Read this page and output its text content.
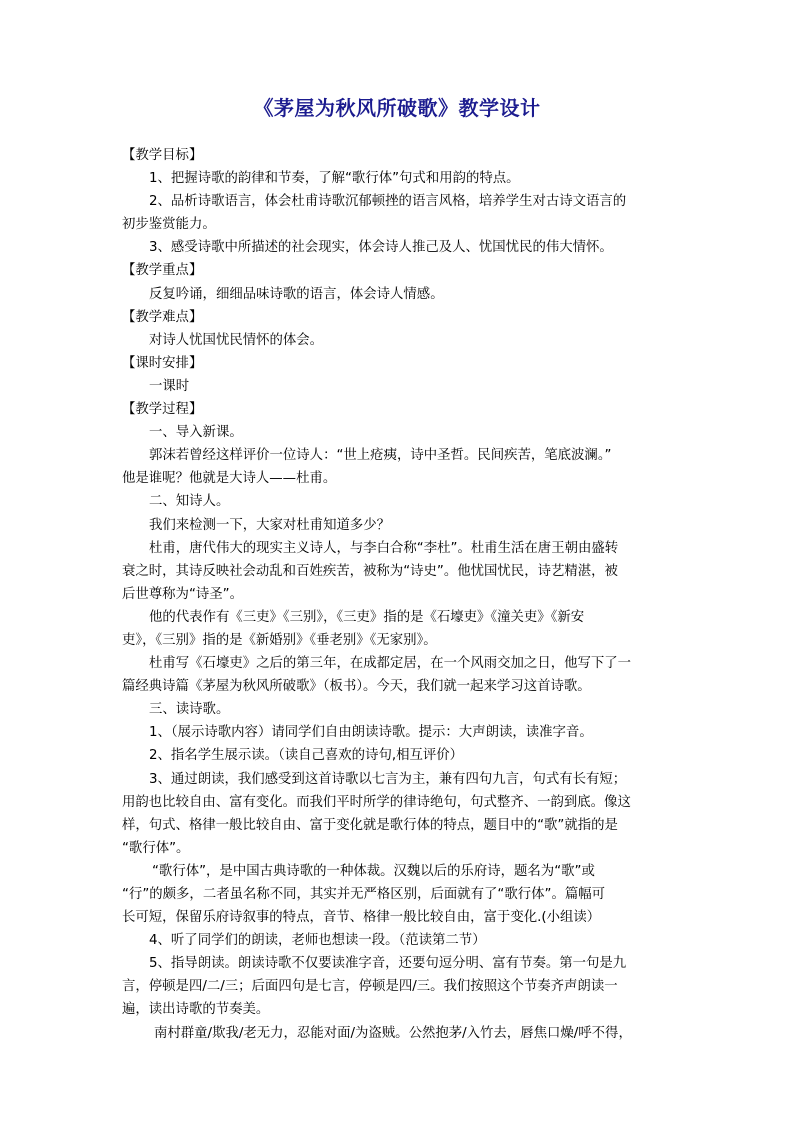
《茅屋为秋风所破歌》教学设计

【教学目标】

1、把握诗歌的韵律和节奏，了解“歌行体”句式和用韵的特点。

2、品析诗歌语言，体会杜甫诗歌沉郁顿挫的语言风格，培养学生对古诗文语言的

初步鉴赏能力。

3、感受诗歌中所描述的社会现实，体会诗人推己及人、忧国忧民的伟大情怀。

【教学重点】

反复吟诵，细细品味诗歌的语言，体会诗人情感。

【教学难点】

对诗人忧国忧民情怀的体会。

【课时安排】

一课时

【教学过程】

一、导入新课。

郭沫若曾经这样评价一位诗人：“世上疮痍，诗中圣哲。民间疾苦，笔底波澜。”

他是谁呢？他就是大诗人——杜甫。

二、知诗人。

我们来检测一下，大家对杜甫知道多少？

杜甫，唐代伟大的现实主义诗人，与李白合称“李杜”。杜甫生活在唐王朝由盛转

衰之时，其诗反映社会动乱和百姓疾苦，被称为“诗史”。他忧国忧民，诗艺精湛，被

后世尊称为“诗圣”。

他的代表作有《三吏》《三别》，《三吏》指的是《石壕吏》《潼关吏》《新安

吏》，《三别》指的是《新婚别》《垂老别》《无家别》。

杜甫写《石壕吏》之后的第三年，在成都定居，在一个风雨交加之日，他写下了一

篇经典诗篇《茅屋为秋风所破歌》（板书）。今天，我们就一起来学习这首诗歌。

三、读诗歌。

1、（展示诗歌内容）请同学们自由朗读诗歌。提示：大声朗读，读准字音。

2、指名学生展示读。（读自己喜欢的诗句,相互评价）

3、通过朗读，我们感受到这首诗歌以七言为主，兼有四句九言，句式有长有短；

用韵也比较自由、富有变化。而我们平时所学的律诗绝句，句式整齐、一韵到底。像这

样，句式、格律一般比较自由、富于变化就是歌行体的特点，题目中的“歌”就指的是

“歌行体”。

“歌行体”，是中国古典诗歌的一种体裁。汉魏以后的乐府诗，题名为“歌”或

“行”的颇多，二者虽名称不同，其实并无严格区别，后面就有了“歌行体”。篇幅可

长可短，保留乐府诗叙事的特点，音节、格律一般比较自由，富于变化.(小组读）

4、听了同学们的朗读，老师也想读一段。（范读第二节）

5、指导朗读。朗读诗歌不仅要读准字音，还要句逗分明、富有节奏。第一句是九

言，停顿是四/二/三；后面四句是七言，停顿是四/三。我们按照这个节奏齐声朗读一

遍，读出诗歌的节奏美。

南村群童/欺我/老无力，忍能对面/为盗贼。公然抱茅/入竹去，唇焦口燥/呼不得，
